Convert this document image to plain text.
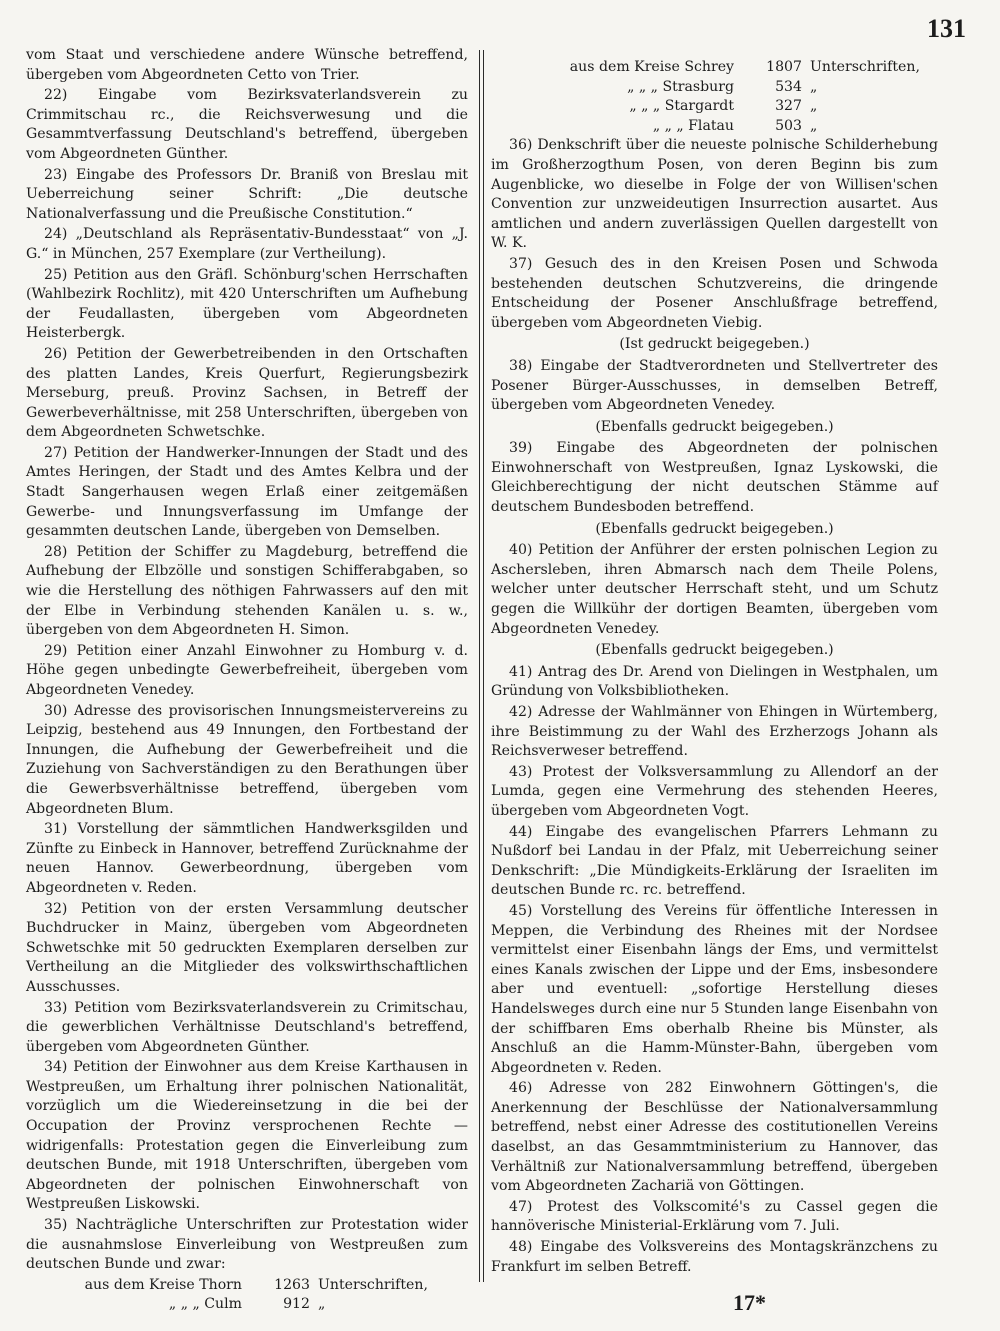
131

vom Staat und verschiedene andere Wünsche betreffend, übergeben vom Abgeordneten Cetto von Trier.

22) Eingabe vom Bezirksvaterlandsverein zu Crimmitschau rc., die Reichsverwesung und die Gesammtverfassung Deutschland's betreffend, übergeben vom Abgeordneten Günther.

23) Eingabe des Professors Dr. Braniß von Breslau mit Ueberreichung seiner Schrift: „Die deutsche Nationalverfassung und die Preußische Constitution.“

24) „Deutschland als Repräsentativ-Bundesstaat“ von „J. G.“ in München, 257 Exemplare (zur Vertheilung).

25) Petition aus den Gräfl. Schönburg'schen Herrschaften (Wahlbezirk Rochlitz), mit 420 Unterschriften um Aufhebung der Feudallasten, übergeben vom Abgeordneten Heisterbergk.

26) Petition der Gewerbetreibenden in den Ortschaften des platten Landes, Kreis Querfurt, Regierungsbezirk Merseburg, preuß. Provinz Sachsen, in Betreff der Gewerbeverhältnisse, mit 258 Unterschriften, übergeben von dem Abgeordneten Schwetschke.

27) Petition der Handwerker-Innungen der Stadt und des Amtes Heringen, der Stadt und des Amtes Kelbra und der Stadt Sangerhausen wegen Erlaß einer zeitgemäßen Gewerbe- und Innungsverfassung im Umfange der gesammten deutschen Lande, übergeben von Demselben.

28) Petition der Schiffer zu Magdeburg, betreffend die Aufhebung der Elbzölle und sonstigen Schifferabgaben, so wie die Herstellung des nöthigen Fahrwassers auf den mit der Elbe in Verbindung stehenden Kanälen u. s. w., übergeben von dem Abgeordneten H. Simon.

29) Petition einer Anzahl Einwohner zu Homburg v. d. Höhe gegen unbedingte Gewerbefreiheit, übergeben vom Abgeordneten Venedey.

30) Adresse des provisorischen Innungsmeistervereins zu Leipzig, bestehend aus 49 Innungen, den Fortbestand der Innungen, die Aufhebung der Gewerbefreiheit und die Zuziehung von Sachverständigen zu den Berathungen über die Gewerbsverhältnisse betreffend, übergeben vom Abgeordneten Blum.

31) Vorstellung der sämmtlichen Handwerksgilden und Zünfte zu Einbeck in Hannover, betreffend Zurücknahme der neuen Hannov. Gewerbeordnung, übergeben vom Abgeordneten v. Reden.

32) Petition von der ersten Versammlung deutscher Buchdrucker in Mainz, übergeben vom Abgeordneten Schwetschke mit 50 gedruckten Exemplaren derselben zur Vertheilung an die Mitglieder des volkswirthschaftlichen Ausschusses.

33) Petition vom Bezirksvaterlandsverein zu Crimitschau, die gewerblichen Verhältnisse Deutschland's betreffend, übergeben vom Abgeordneten Günther.

34) Petition der Einwohner aus dem Kreise Karthausen in Westpreußen, um Erhaltung ihrer polnischen Nationalität, vorzüglich um die Wiedereinsetzung in die bei der Occupation der Provinz versprochenen Rechte — widrigenfalls: Protestation gegen die Einverleibung zum deutschen Bunde, mit 1918 Unterschriften, übergeben vom Abgeordneten der polnischen Einwohnerschaft von Westpreußen Liskowski.

35) Nachträgliche Unterschriften zur Protestation wider die ausnahmslose Einverleibung von Westpreußen zum deutschen Bunde und zwar:

aus dem Kreise Thorn	1263 Unterschriften,
„ „ „ Culm	912 „
aus dem Kreise Schrey	1807 Unterschriften,
„ „ „ Strasburg	534 „
„ „ „ Stargardt	327 „
„ „ „ Flatau	503 „

36) Denkschrift über die neueste polnische Schilderhebung im Großherzogthum Posen, von deren Beginn bis zum Augenblicke, wo dieselbe in Folge der von Willisen'schen Convention zur unzweideutigen Insurrection ausartet. Aus amtlichen und andern zuverlässigen Quellen dargestellt von W. K.

37) Gesuch des in den Kreisen Posen und Schwoda bestehenden deutschen Schutzvereins, die dringende Entscheidung der Posener Anschlußfrage betreffend, übergeben vom Abgeordneten Viebig.

(Ist gedruckt beigegeben.)

38) Eingabe der Stadtverordneten und Stellvertreter des Posener Bürger-Ausschusses, in demselben Betreff, übergeben vom Abgeordneten Venedey.

(Ebenfalls gedruckt beigegeben.)

39) Eingabe des Abgeordneten der polnischen Einwohnerschaft von Westpreußen, Ignaz Lyskowski, die Gleichberechtigung der nicht deutschen Stämme auf deutschem Bundesboden betreffend.

(Ebenfalls gedruckt beigegeben.)

40) Petition der Anführer der ersten polnischen Legion zu Aschersleben, ihren Abmarsch nach dem Theile Polens, welcher unter deutscher Herrschaft steht, und um Schutz gegen die Willkühr der dortigen Beamten, übergeben vom Abgeordneten Venedey.

(Ebenfalls gedruckt beigegeben.)

41) Antrag des Dr. Arend von Dielingen in Westphalen, um Gründung von Volksbibliotheken.

42) Adresse der Wahlmänner von Ehingen in Würtemberg, ihre Beistimmung zu der Wahl des Erzherzogs Johann als Reichsverweser betreffend.

43) Protest der Volksversammlung zu Allendorf an der Lumda, gegen eine Vermehrung des stehenden Heeres, übergeben vom Abgeordneten Vogt.

44) Eingabe des evangelischen Pfarrers Lehmann zu Nußdorf bei Landau in der Pfalz, mit Ueberreichung seiner Denkschrift: „Die Mündigkeits-Erklärung der Israeliten im deutschen Bunde rc. rc. betreffend.

45) Vorstellung des Vereins für öffentliche Interessen in Meppen, die Verbindung des Rheines mit der Nordsee vermittelst einer Eisenbahn längs der Ems, und vermittelst eines Kanals zwischen der Lippe und der Ems, insbesondere aber und eventuell: „sofortige Herstellung dieses Handelsweges durch eine nur 5 Stunden lange Eisenbahn von der schiffbaren Ems oberhalb Rheine bis Münster, als Anschluß an die Hamm-Münster-Bahn, übergeben vom Abgeordneten v. Reden.

46) Adresse von 282 Einwohnern Göttingen's, die Anerkennung der Beschlüsse der Nationalversammlung betreffend, nebst einer Adresse des costitutionellen Vereins daselbst, an das Gesammtministerium zu Hannover, das Verhältniß zur Nationalversammlung betreffend, übergeben vom Abgeordneten Zachariä von Göttingen.

47) Protest des Volkscomité's zu Cassel gegen die hannöverische Ministerial-Erklärung vom 7. Juli.

48) Eingabe des Volksvereins des Montagskränzchens zu Frankfurt im selben Betreff.

17*
